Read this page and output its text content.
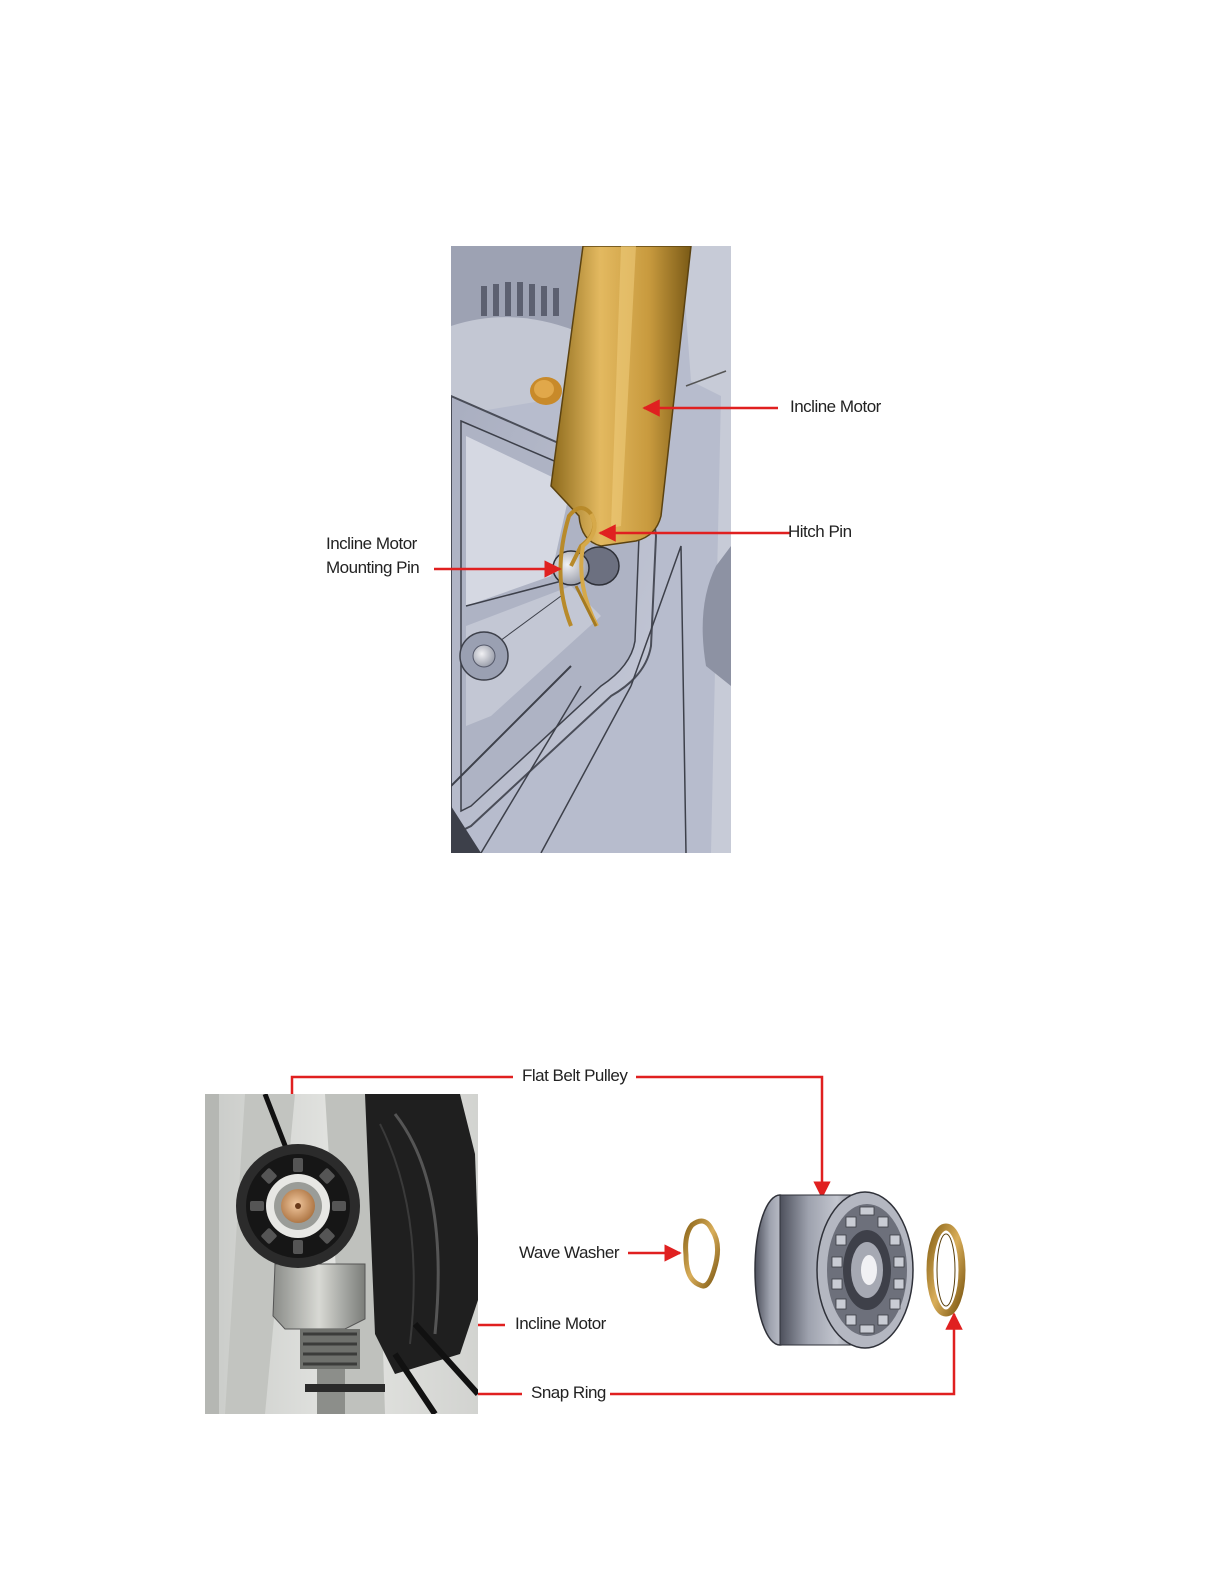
Incline Motor
Hitch Pin
Incline Motor
Mounting Pin
Flat Belt Pulley
Wave Washer
Incline Motor
Snap Ring
